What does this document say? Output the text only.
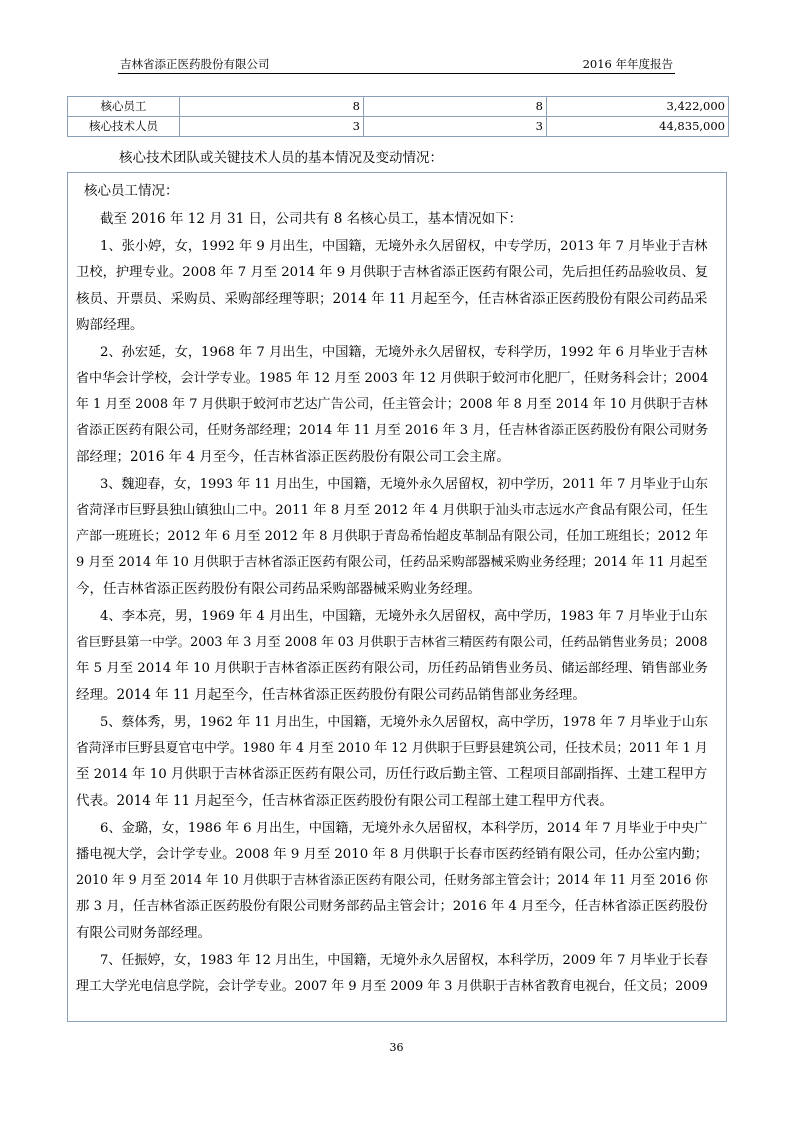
吉林省添正医药股份有限公司	2016 年年度报告
核心员工	8	8	3,422,000
核心技术人员	3	3	44,835,000
核心技术团队或关键技术人员的基本情况及变动情况：
核心员工情况：
截至 2016 年 12 月 31 日，公司共有 8 名核心员工，基本情况如下：
1、张小婷，女，1992 年 9 月出生，中国籍，无境外永久居留权，中专学历，2013 年 7 月毕业于吉林
卫校，护理专业。2008 年 7 月至 2014 年 9 月供职于吉林省添正医药有限公司，先后担任药品验收员、复
核员、开票员、采购员、采购部经理等职；2014 年 11 月起至今，任吉林省添正医药股份有限公司药品采
购部经理。
2、孙宏延，女，1968 年 7 月出生，中国籍，无境外永久居留权，专科学历，1992 年 6 月毕业于吉林
省中华会计学校，会计学专业。1985 年 12 月至 2003 年 12 月供职于蛟河市化肥厂，任财务科会计；2004
年 1 月至 2008 年 7 月供职于蛟河市艺达广告公司，任主管会计；2008 年 8 月至 2014 年 10 月供职于吉林
省添正医药有限公司，任财务部经理；2014 年 11 月至 2016 年 3 月，任吉林省添正医药股份有限公司财务
部经理；2016 年 4 月至今，任吉林省添正医药股份有限公司工会主席。
3、魏迎春，女，1993 年 11 月出生，中国籍，无境外永久居留权，初中学历，2011 年 7 月毕业于山东
省菏泽市巨野县独山镇独山二中。2011 年 8 月至 2012 年 4 月供职于汕头市志远水产食品有限公司，任生
产部一班班长；2012 年 6 月至 2012 年 8 月供职于青岛希怡超皮革制品有限公司，任加工班组长；2012 年
9 月至 2014 年 10 月供职于吉林省添正医药有限公司，任药品采购部器械采购业务经理；2014 年 11 月起至
今，任吉林省添正医药股份有限公司药品采购部器械采购业务经理。
4、李本亮，男，1969 年 4 月出生，中国籍，无境外永久居留权，高中学历，1983 年 7 月毕业于山东
省巨野县第一中学。2003 年 3 月至 2008 年 03 月供职于吉林省三精医药有限公司，任药品销售业务员；2008
年 5 月至 2014 年 10 月供职于吉林省添正医药有限公司，历任药品销售业务员、储运部经理、销售部业务
经理。2014 年 11 月起至今，任吉林省添正医药股份有限公司药品销售部业务经理。
5、蔡体秀，男，1962 年 11 月出生，中国籍，无境外永久居留权，高中学历，1978 年 7 月毕业于山东
省菏泽市巨野县夏官屯中学。1980 年 4 月至 2010 年 12 月供职于巨野县建筑公司，任技术员；2011 年 1 月
至 2014 年 10 月供职于吉林省添正医药有限公司，历任行政后勤主管、工程项目部副指挥、土建工程甲方
代表。2014 年 11 月起至今，任吉林省添正医药股份有限公司工程部土建工程甲方代表。
6、金璐，女，1986 年 6 月出生，中国籍，无境外永久居留权，本科学历，2014 年 7 月毕业于中央广
播电视大学，会计学专业。2008 年 9 月至 2010 年 8 月供职于长春市医药经销有限公司，任办公室内勤；
2010 年 9 月至 2014 年 10 月供职于吉林省添正医药有限公司，任财务部主管会计；2014 年 11 月至 2016 你
那 3 月，任吉林省添正医药股份有限公司财务部药品主管会计；2016 年 4 月至今，任吉林省添正医药股份
有限公司财务部经理。
7、任振婷，女，1983 年 12 月出生，中国籍，无境外永久居留权，本科学历，2009 年 7 月毕业于长春
理工大学光电信息学院，会计学专业。2007 年 9 月至 2009 年 3 月供职于吉林省教育电视台，任文员；2009
36
